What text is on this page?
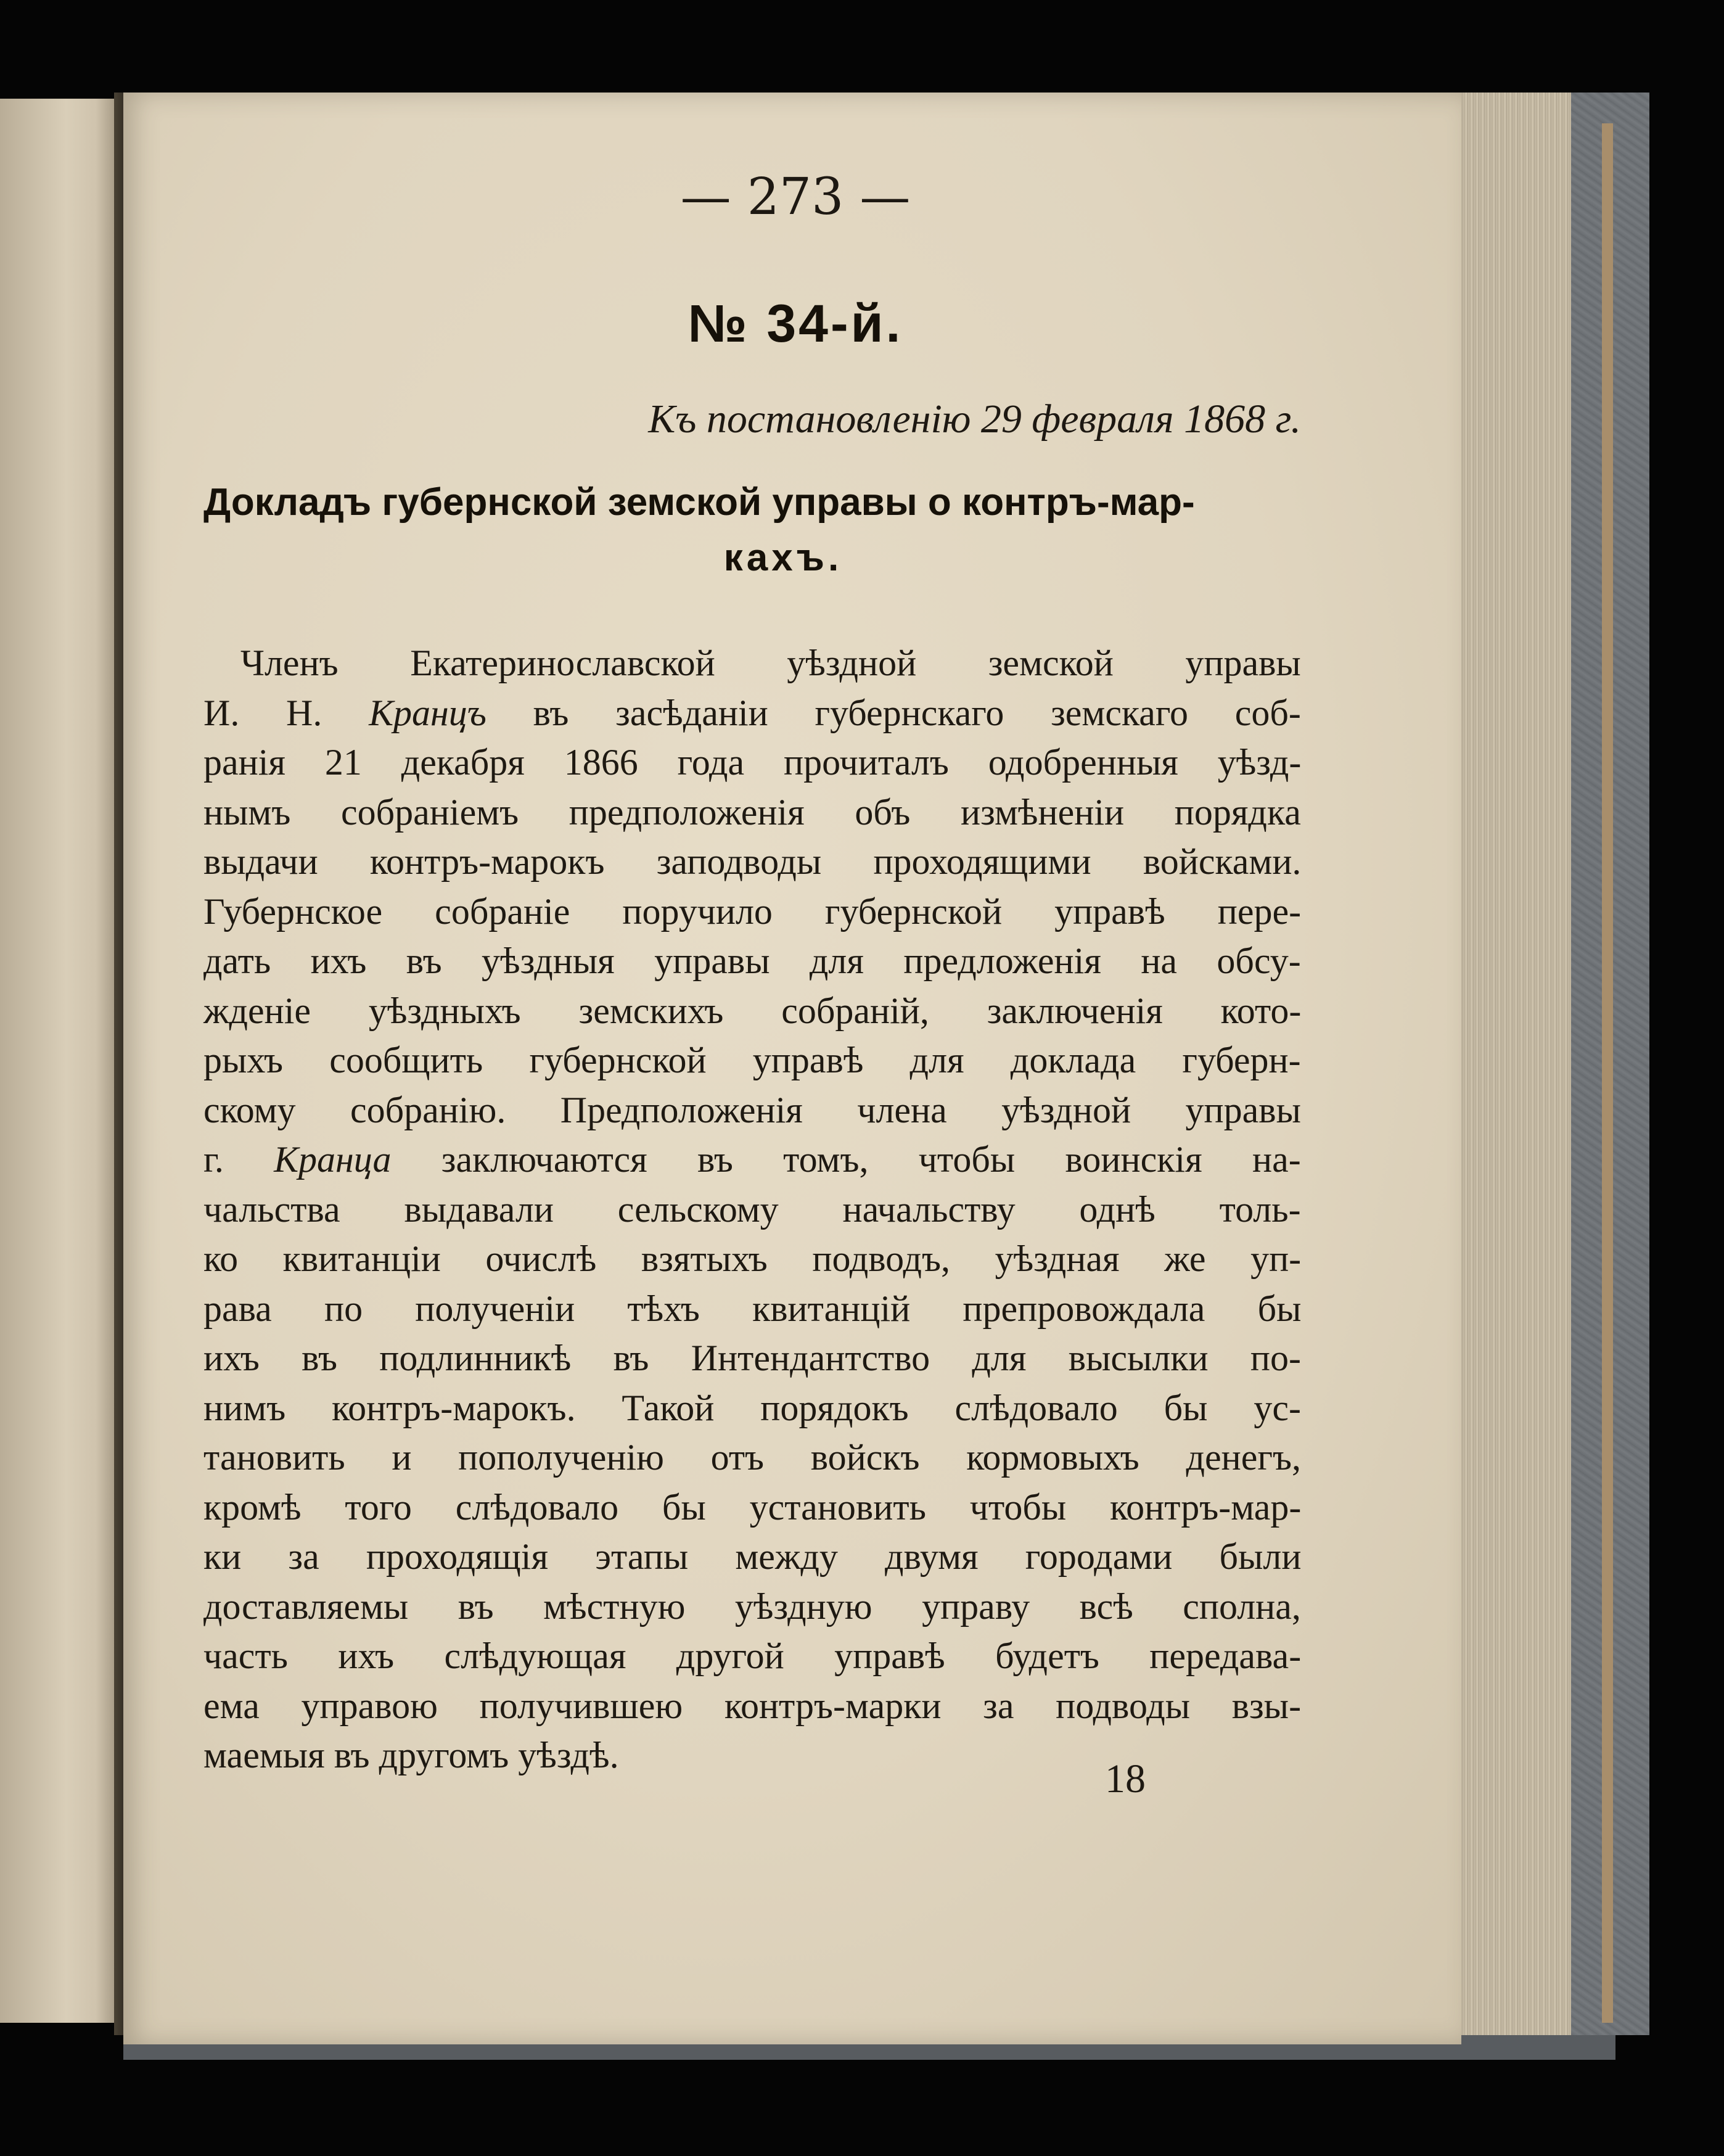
— 273 —
№ 34-й.
Къ постановленію 29 февраля 1868 г.
Докладъ губернской земской управы о контръ-мар-
кахъ.
Членъ Екатеринославской уѣздной земской управы
И. Н. Кранцъ въ засѣданіи губернскаго земскаго соб-
ранія 21 декабря 1866 года прочиталъ одобренныя уѣзд-
нымъ собраніемъ предположенія объ измѣненіи порядка
выдачи контръ-марокъ заподводы проходящими войсками.
Губернское собраніе поручило губернской управѣ пере-
дать ихъ въ уѣздныя управы для предложенія на обсу-
жденіе уѣздныхъ земскихъ собраній, заключенія кото-
рыхъ сообщить губернской управѣ для доклада губерн-
скому собранію. Предположенія члена уѣздной управы
г. Кранца заключаются въ томъ, чтобы воинскія на-
чальства выдавали сельскому начальству однѣ толь-
ко квитанціи очислѣ взятыхъ подводъ, уѣздная же уп-
рава по полученіи тѣхъ квитанцій препровождала бы
ихъ въ подлинникѣ въ Интендантство для высылки по-
нимъ контръ-марокъ. Такой порядокъ слѣдовало бы ус-
тановить и пополученію отъ войскъ кормовыхъ денегъ,
кромѣ того слѣдовало бы установить чтобы контръ-мар-
ки за проходящія этапы между двумя городами были
доставляемы въ мѣстную уѣздную управу всѣ сполна,
часть ихъ слѣдующая другой управѣ будетъ передава-
ема управою получившею контръ-марки за подводы взы-
маемыя въ другомъ уѣздѣ.
18
